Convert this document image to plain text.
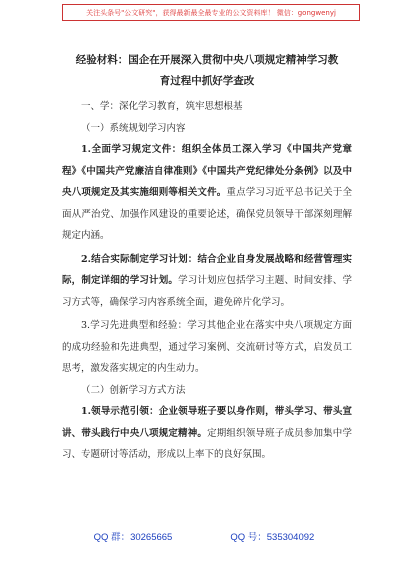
关注头条号"公文研究"，获得最新最全最专业的公文资料库！ 微信：gongwenyj
经验材料：国企在开展深入贯彻中央八项规定精神学习教
育过程中抓好学查改

一、学：深化学习教育，筑牢思想根基

（一）系统规划学习内容

1.全面学习规定文件：组织全体员工深入学习《中国共产党章程》《中国共产党廉洁自律准则》《中国共产党纪律处分条例》以及中央八项规定及其实施细则等相关文件。重点学习习近平总书记关于全面从严治党、加强作风建设的重要论述，确保党员领导干部深刻理解规定内涵。

2.结合实际制定学习计划：结合企业自身发展战略和经营管理实际，制定详细的学习计划。学习计划应包括学习主题、时间安排、学习方式等，确保学习内容系统全面，避免碎片化学习。

3.学习先进典型和经验：学习其他企业在落实中央八项规定方面的成功经验和先进典型，通过学习案例、交流研讨等方式，启发员工思考，激发落实规定的内生动力。

（二）创新学习方式方法

1.领导示范引领：企业领导班子要以身作则，带头学习、带头宣讲、带头践行中央八项规定精神。定期组织领导班子成员参加集中学习、专题研讨等活动，形成以上率下的良好氛围。

QQ 群：30265665	QQ 号：535304092
